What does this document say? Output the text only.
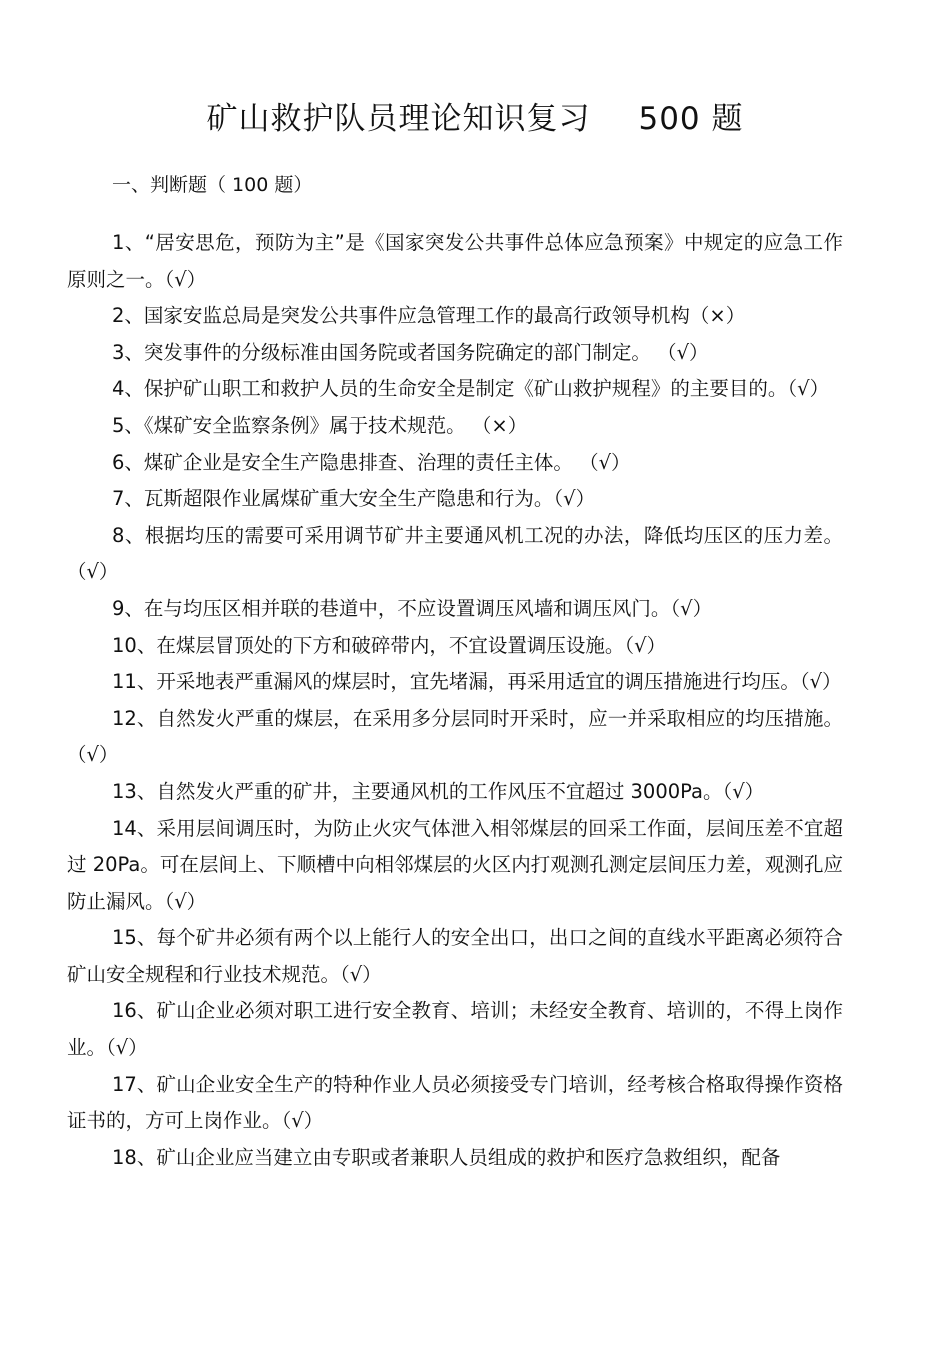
矿山救护队员理论知识复习 500 题
一、判断题（ 100 题）

1、“居安思危，预防为主”是《国家突发公共事件总体应急预案》中规定的应急工作原则之一。（√）

2、国家安监总局是突发公共事件应急管理工作的最高行政领导机构（×）

3、突发事件的分级标准由国务院或者国务院确定的部门制定。 （√）

4、保护矿山职工和救护人员的生命安全是制定《矿山救护规程》的主要目的。（√）

5、《煤矿安全监察条例》属于技术规范。 （×）

6、煤矿企业是安全生产隐患排查、治理的责任主体。 （√）

7、瓦斯超限作业属煤矿重大安全生产隐患和行为。（√）

8、根据均压的需要可采用调节矿井主要通风机工况的办法，降低均压区的压力差。（√）

9、在与均压区相并联的巷道中，不应设置调压风墙和调压风门。（√）

10、在煤层冒顶处的下方和破碎带内，不宜设置调压设施。（√）

11、开采地表严重漏风的煤层时，宜先堵漏，再采用适宜的调压措施进行均压。（√）

12、自然发火严重的煤层，在采用多分层同时开采时，应一并采取相应的均压措施。（√）

13、自然发火严重的矿井，主要通风机的工作风压不宜超过 3000Pa。（√）

14、采用层间调压时，为防止火灾气体泄入相邻煤层的回采工作面，层间压差不宜超过 20Pa。可在层间上、下顺槽中向相邻煤层的火区内打观测孔测定层间压力差，观测孔应防止漏风。（√）

15、每个矿井必须有两个以上能行人的安全出口，出口之间的直线水平距离必须符合矿山安全规程和行业技术规范。（√）

16、矿山企业必须对职工进行安全教育、培训；未经安全教育、培训的，不得上岗作业。（√）

17、矿山企业安全生产的特种作业人员必须接受专门培训，经考核合格取得操作资格证书的，方可上岗作业。（√）

18、矿山企业应当建立由专职或者兼职人员组成的救护和医疗急救组织，配备
